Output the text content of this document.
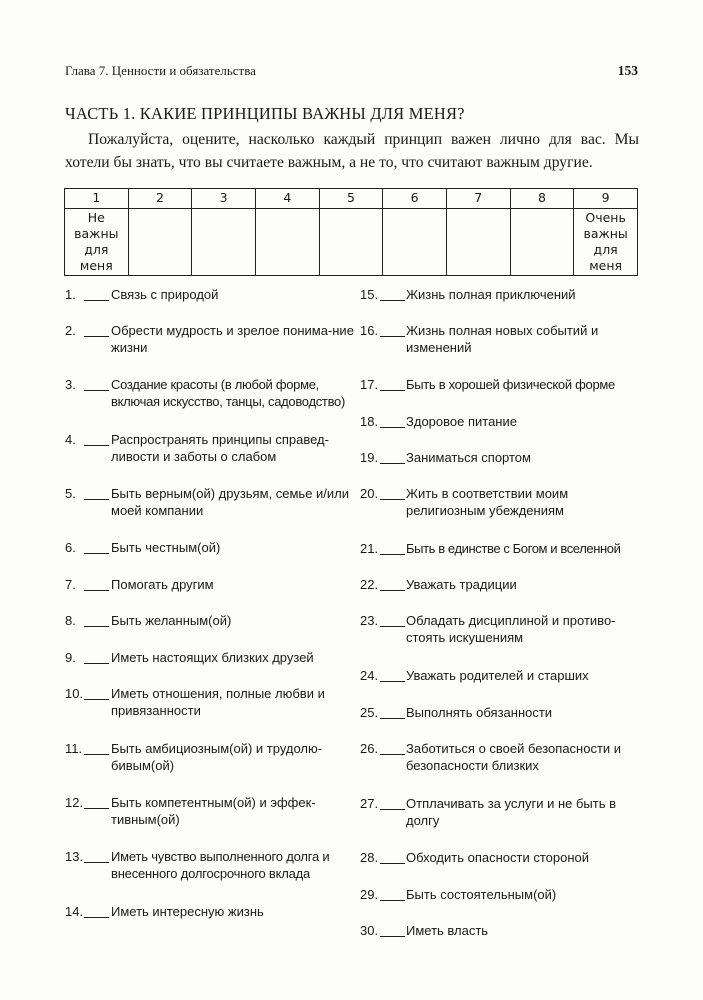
Глава 7. Ценности и обязательства	153
ЧАСТЬ 1. КАКИЕ ПРИНЦИПЫ ВАЖНЫ ДЛЯ МЕНЯ?
Пожалуйста, оцените, насколько каждый принцип важен лично для вас. Мы хотели бы знать, что вы считаете важным, а не то, что считают важным другие.
1	2	3	4	5	6	7	8	9
Не важны для меня								Очень важны для меня
1.	Связь с природой
2.	Обрести мудрость и зрелое понима-ние жизни
3.	Создание красоты (в любой форме, включая искусство, танцы, садоводство)
4.	Распространять принципы справед-ливости и заботы о слабом
5.	Быть верным(ой) друзьям, семье и/или моей компании
6.	Быть честным(ой)
7.	Помогать другим
8.	Быть желанным(ой)
9.	Иметь настоящих близких друзей
10. Иметь отношения, полные любви и привязанности
11. Быть амбициозным(ой) и трудолю-бивым(ой)
12. Быть компетентным(ой) и эффек-тивным(ой)
13. Иметь чувство выполненного долга и внесенного долгосрочного вклада
14. Иметь интересную жизнь
15. Жизнь полная приключений
16. Жизнь полная новых событий и изменений
17. Быть в хорошей физической форме
18. Здоровое питание
19. Заниматься спортом
20. Жить в соответствии моим религиозным убеждениям
21. Быть в единстве с Богом и вселенной
22. Уважать традиции
23. Обладать дисциплиной и противо-стоять искушениям
24. Уважать родителей и старших
25. Выполнять обязанности
26. Заботиться о своей безопасности и безопасности близких
27. Отплачивать за услуги и не быть в долгу
28. Обходить опасности стороной
29. Быть состоятельным(ой)
30. Иметь власть
